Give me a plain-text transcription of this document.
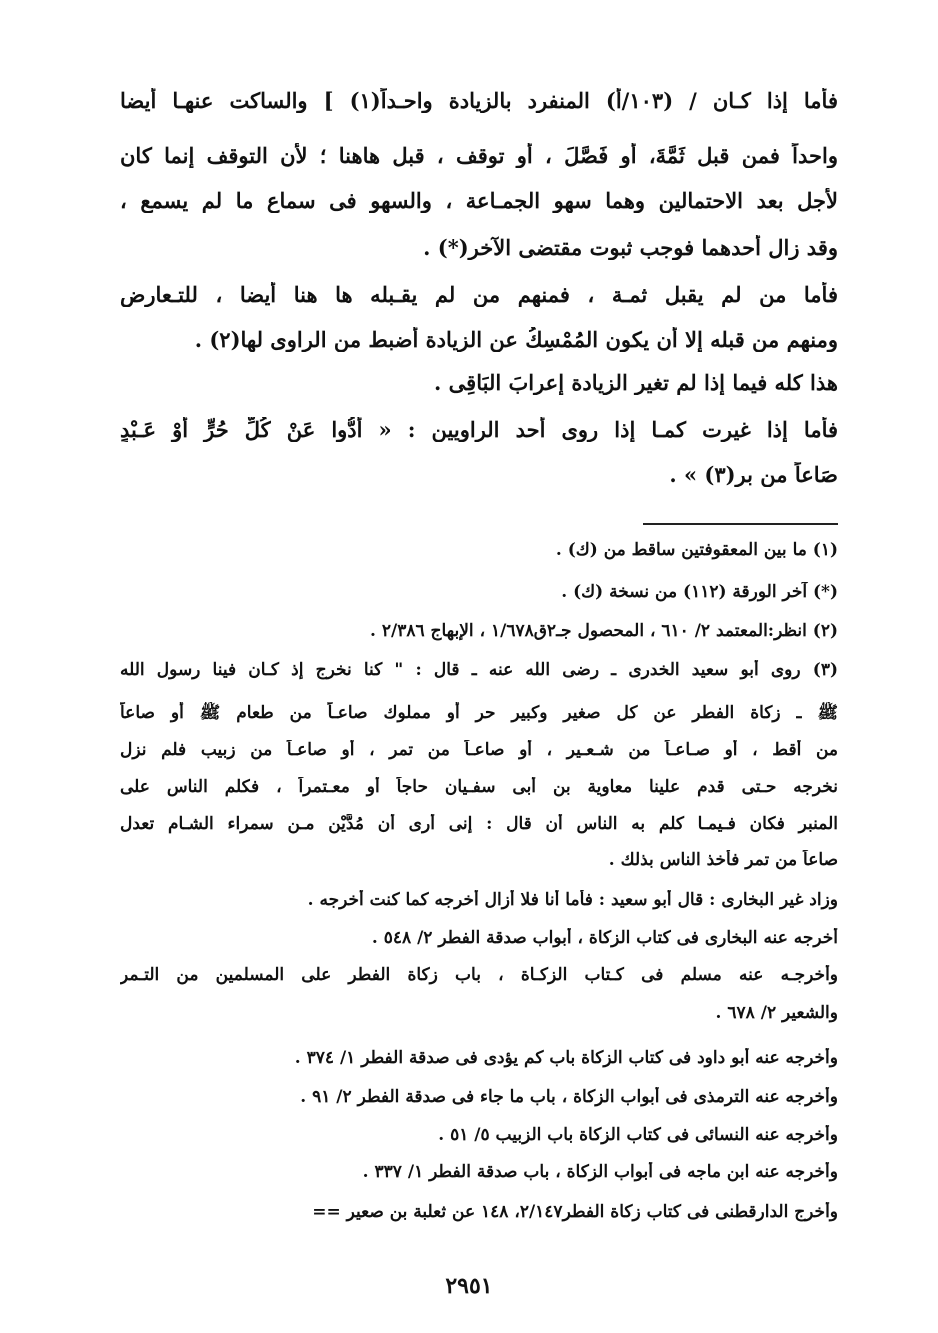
فأما إذا كـان / (١٠٣/أ) المنفرد بالزيادة واحـداً(١) ] والساكت عنهـا أيضا
واحداً فمن قبل ثَمَّةَ، أو فَصَّلَ ، أو توقف ، قبل هاهنا ؛ لأن التوقف إنما كان
لأجل بعد الاحتمالين وهما سهو الجمـاعة ، والسهو فى سماع ما لم يسمع ،
وقد زال أحدهما فوجب ثبوت مقتضى الآخر(*) .
فأما من لم يقبل ثمـة ، فمنهم من لم يقـبله ها هنا أيضا ، للتـعارض
ومنهم من قبله إلا أن يكون المُمْسِكُ عن الزيادة أضبط من الراوى لها(٢) .
هذا كله فيما إذا لم تغير الزيادة إعرابَ البَاقِى .
فأما إذا غيرت كمـا إذا روى أحد الراويين : « أَدُّوا عَنْ كُلِّ حُرٍّ أَوْ عَـبْدٍ
صَاعاً من بر(٣) » .
(١) ما بين المعقوفتين ساقط من (ك) .
(*) آخر الورقة (١١٢) من نسخة (ك) .
(٢) انظر:المعتمد ٢/ ٦١٠ ، المحصول جـ٢ق١/٦٧٨ ، الإبهاج ٢/٣٨٦ .
(٣) روى أبو سعيد الخدرى ـ رضى الله عنه ـ قال : " كنا نخرج إذ كـان فينا رسول الله
ﷺ ـ زكاة الفطر عن كل صغير وكبير حر أو مملوك صاعـاً من طعام ﷺ أو صاعاً
من أقط ، أو صـاعـاً من شـعـير ، أو صاعـاً من تمر ، أو صاعـاً من زبيب فلم نزل
نخرجه حـتى قدم علينا معاوية بن أبى سفـيان حاجاً أو معـتمراً ، فكلم الناس على
المنبر فكان فـيمـا كلم به الناس أن قال : إنى أرى أن مُدَّيْنِ مـن سمراء الشـام تعدل
صاعاً من تمر فأخذ الناس بذلك .
وزاد غير البخارى : قال أبو سعيد : فأما أنا فلا أزال أخرجه كما كنت أخرجه .
أخرجه عنه البخارى فى كتاب الزكاة ، أبواب صدقة الفطر ٢/ ٥٤٨ .
وأخرجـه عنه مسلم فى كـتاب الزكـاة ، باب زكاة الفطر على المسلمين من التـمر
والشعير ٢/ ٦٧٨ .
وأخرجه عنه أبو داود فى كتاب الزكاة باب كم يؤدى فى صدقة الفطر ١/ ٣٧٤ .
وأخرجه عنه الترمذى فى أبواب الزكاة ، باب ما جاء فى صدقة الفطر ٢/ ٩١ .
وأخرجه عنه النسائى فى كتاب الزكاة باب الزبيب ٥/ ٥١ .
وأخرجه عنه ابن ماجه فى أبواب الزكاة ، باب صدقة الفطر ١/ ٣٣٧ .
وأخرج الدارقطنى فى كتاب زكاة الفطر٢/١٤٧، ١٤٨ عن ثعلبة بن صعير ==
٢٩٥١
